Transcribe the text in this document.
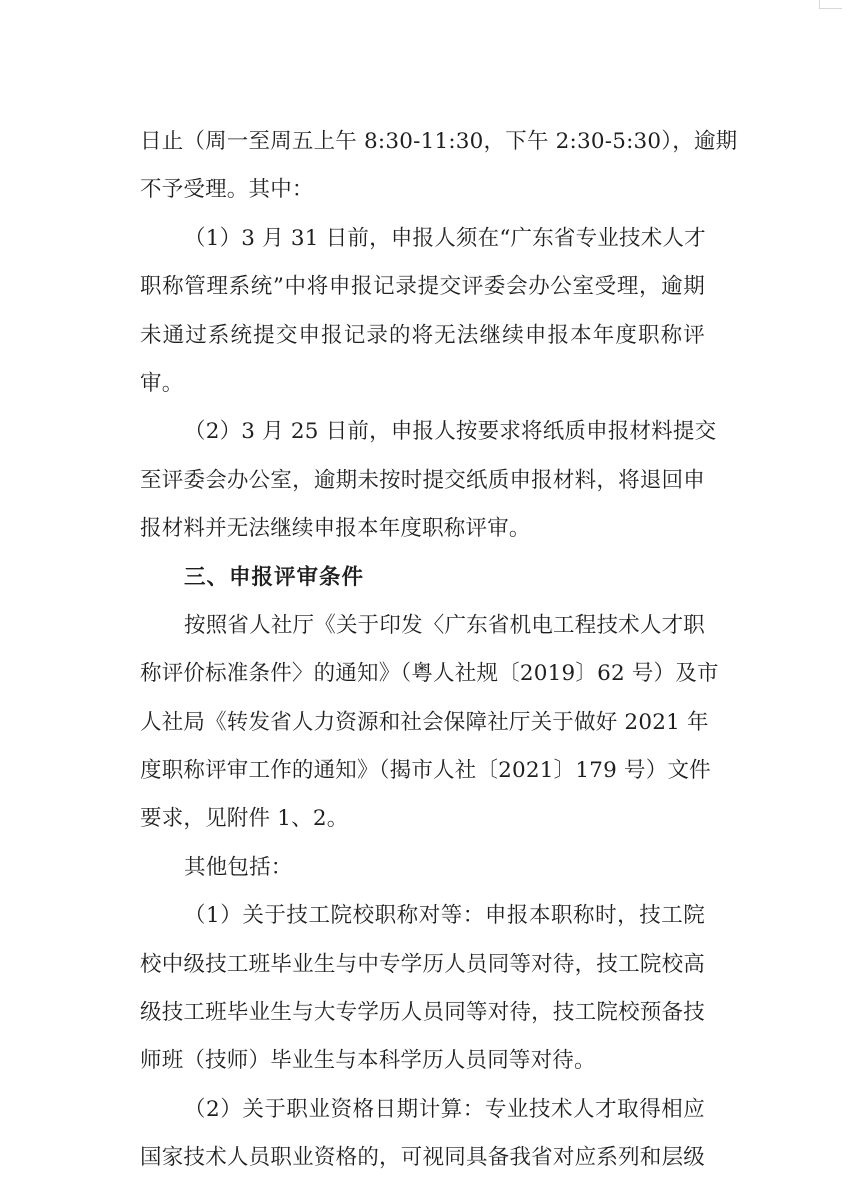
日止（周一至周五上午 8:30-11:30，下午 2:30-5:30），逾期
不予受理。其中：
（1）3 月 31 日前，申报人须在“广东省专业技术人才
职称管理系统”中将申报记录提交评委会办公室受理，逾期
未通过系统提交申报记录的将无法继续申报本年度职称评
审。
（2）3 月 25 日前，申报人按要求将纸质申报材料提交
至评委会办公室，逾期未按时提交纸质申报材料，将退回申
报材料并无法继续申报本年度职称评审。
三、申报评审条件
按照省人社厅《关于印发〈广东省机电工程技术人才职
称评价标准条件〉的通知》（粤人社规〔2019〕62 号）及市
人社局《转发省人力资源和社会保障社厅关于做好 2021 年
度职称评审工作的通知》（揭市人社〔2021〕179 号）文件
要求，见附件 1、2。
其他包括：
（1）关于技工院校职称对等：申报本职称时，技工院
校中级技工班毕业生与中专学历人员同等对待，技工院校高
级技工班毕业生与大专学历人员同等对待，技工院校预备技
师班（技师）毕业生与本科学历人员同等对待。
（2）关于职业资格日期计算：专业技术人才取得相应
国家技术人员职业资格的，可视同具备我省对应系列和层级
